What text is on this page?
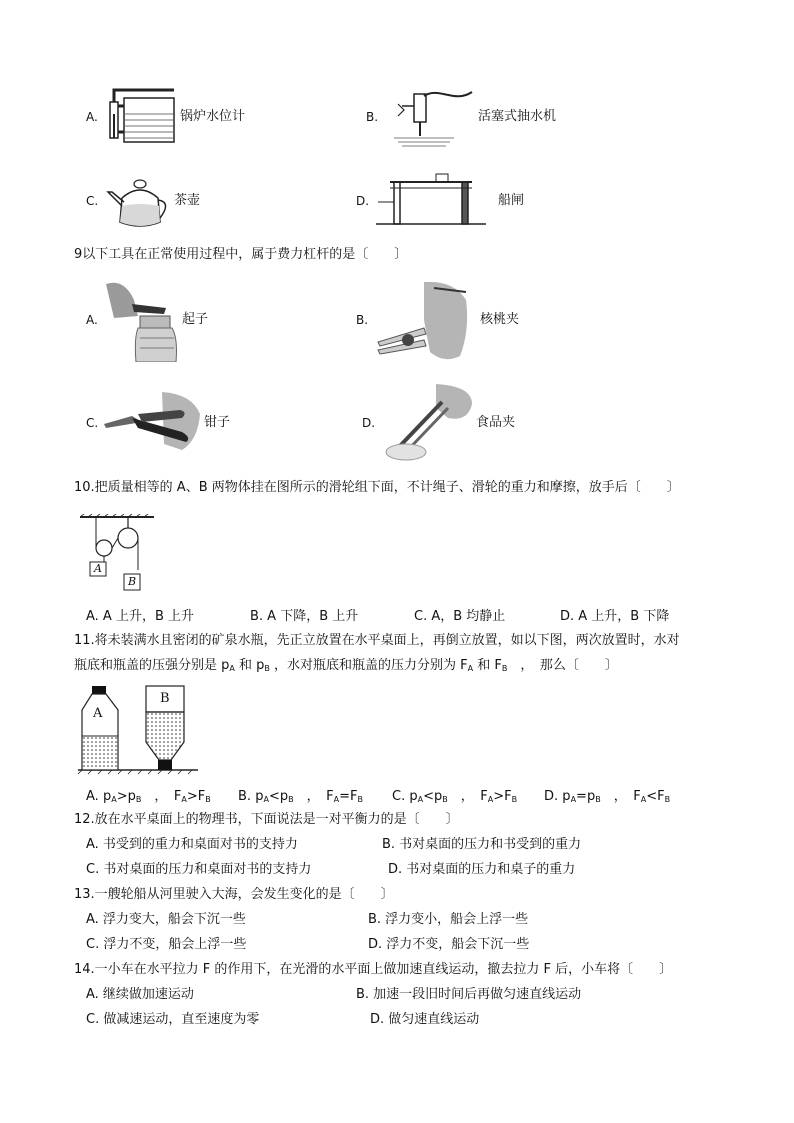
A.	锅炉水位计	B.	活塞式抽水机
C.	茶壶	D.	船闸
9以下工具在正常使用过程中，属于费力杠杆的是〔　　〕
A.	起子	B.	核桃夹
C.	钳子	D.	食品夹
10.把质量相等的 A、B 两物体挂在图所示的滑轮组下面，不计绳子、滑轮的重力和摩擦，放手后〔　　〕
A
B
A. A 上升，B 上升	B. A 下降，B 上升	C. A，B 均静止	D. A 上升，B 下降
11.将未装满水且密闭的矿泉水瓶，先正立放置在水平桌面上，再倒立放置，如以下图，两次放置时，水对
瓶底和瓶盖的压强分别是 $p_A$ 和 $p_B$ ，水对瓶底和瓶盖的压力分别为 $F_A$ 和 $F_B$　，　那么〔　　〕
A
B
A. $p_A>p_B$　，　$F_A>F_B$ B. $p_A<p_B$　，　$F_A=F_B$ C. $p_A<p_B$　，　$F_A>F_B$ D. $p_A=p_B$　，　$F_A<F_B$
12.放在水平桌面上的物理书，下面说法是一对平衡力的是〔　　〕
A. 书受到的重力和桌面对书的支持力	B. 书对桌面的压力和书受到的重力
C. 书对桌面的压力和桌面对书的支持力	D. 书对桌面的压力和桌子的重力
13.一艘轮船从河里驶入大海，会发生变化的是〔　　〕
A. 浮力变大，船会下沉一些	B. 浮力变小，船会上浮一些
C. 浮力不变，船会上浮一些	D. 浮力不变，船会下沉一些
14.一小车在水平拉力 F 的作用下，在光滑的水平面上做加速直线运动，撤去拉力 F 后，小车将〔　　〕
A. 继续做加速运动	B. 加速一段旧时间后再做匀速直线运动
C. 做减速运动，直至速度为零	D. 做匀速直线运动
